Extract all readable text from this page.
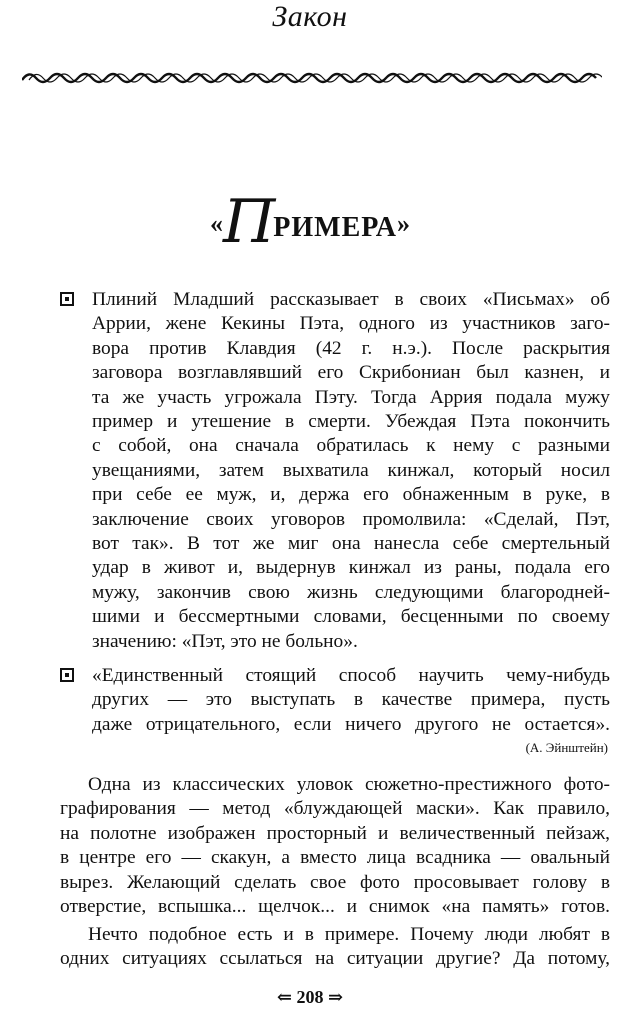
Закон
«ПРИМЕРА»
Плиний Младший рассказывает в своих «Письмах» об
Аррии, жене Кекины Пэта, одного из участников заго-
вора против Клавдия (42 г. н.э.). После раскрытия
заговора возглавлявший его Скрибониан был казнен, и
та же участь угрожала Пэту. Тогда Аррия подала мужу
пример и утешение в смерти. Убеждая Пэта покончить
с собой, она сначала обратилась к нему с разными
увещаниями, затем выхватила кинжал, который носил
при себе ее муж, и, держа его обнаженным в руке, в
заключение своих уговоров промолвила: «Сделай, Пэт,
вот так». В тот же миг она нанесла себе смертельный
удар в живот и, выдернув кинжал из раны, подала его
мужу, закончив свою жизнь следующими благородней-
шими и бессмертными словами, бесценными по своему
значению: «Пэт, это не больно».
«Единственный стоящий способ научить чему-нибудь
других — это выступать в качестве примера, пусть
даже отрицательного, если ничего другого не остается».
(А. Эйнштейн)
Одна из классических уловок сюжетно-престижного фото-
графирования — метод «блуждающей маски». Как правило,
на полотне изображен просторный и величественный пейзаж,
в центре его — скакун, а вместо лица всадника — овальный
вырез. Желающий сделать свое фото просовывает голову в
отверстие, вспышка... щелчок... и снимок «на память» готов.
Нечто подобное есть и в примере. Почему люди любят в
одних ситуациях ссылаться на ситуации другие? Да потому,
⇐ 208 ⇒
